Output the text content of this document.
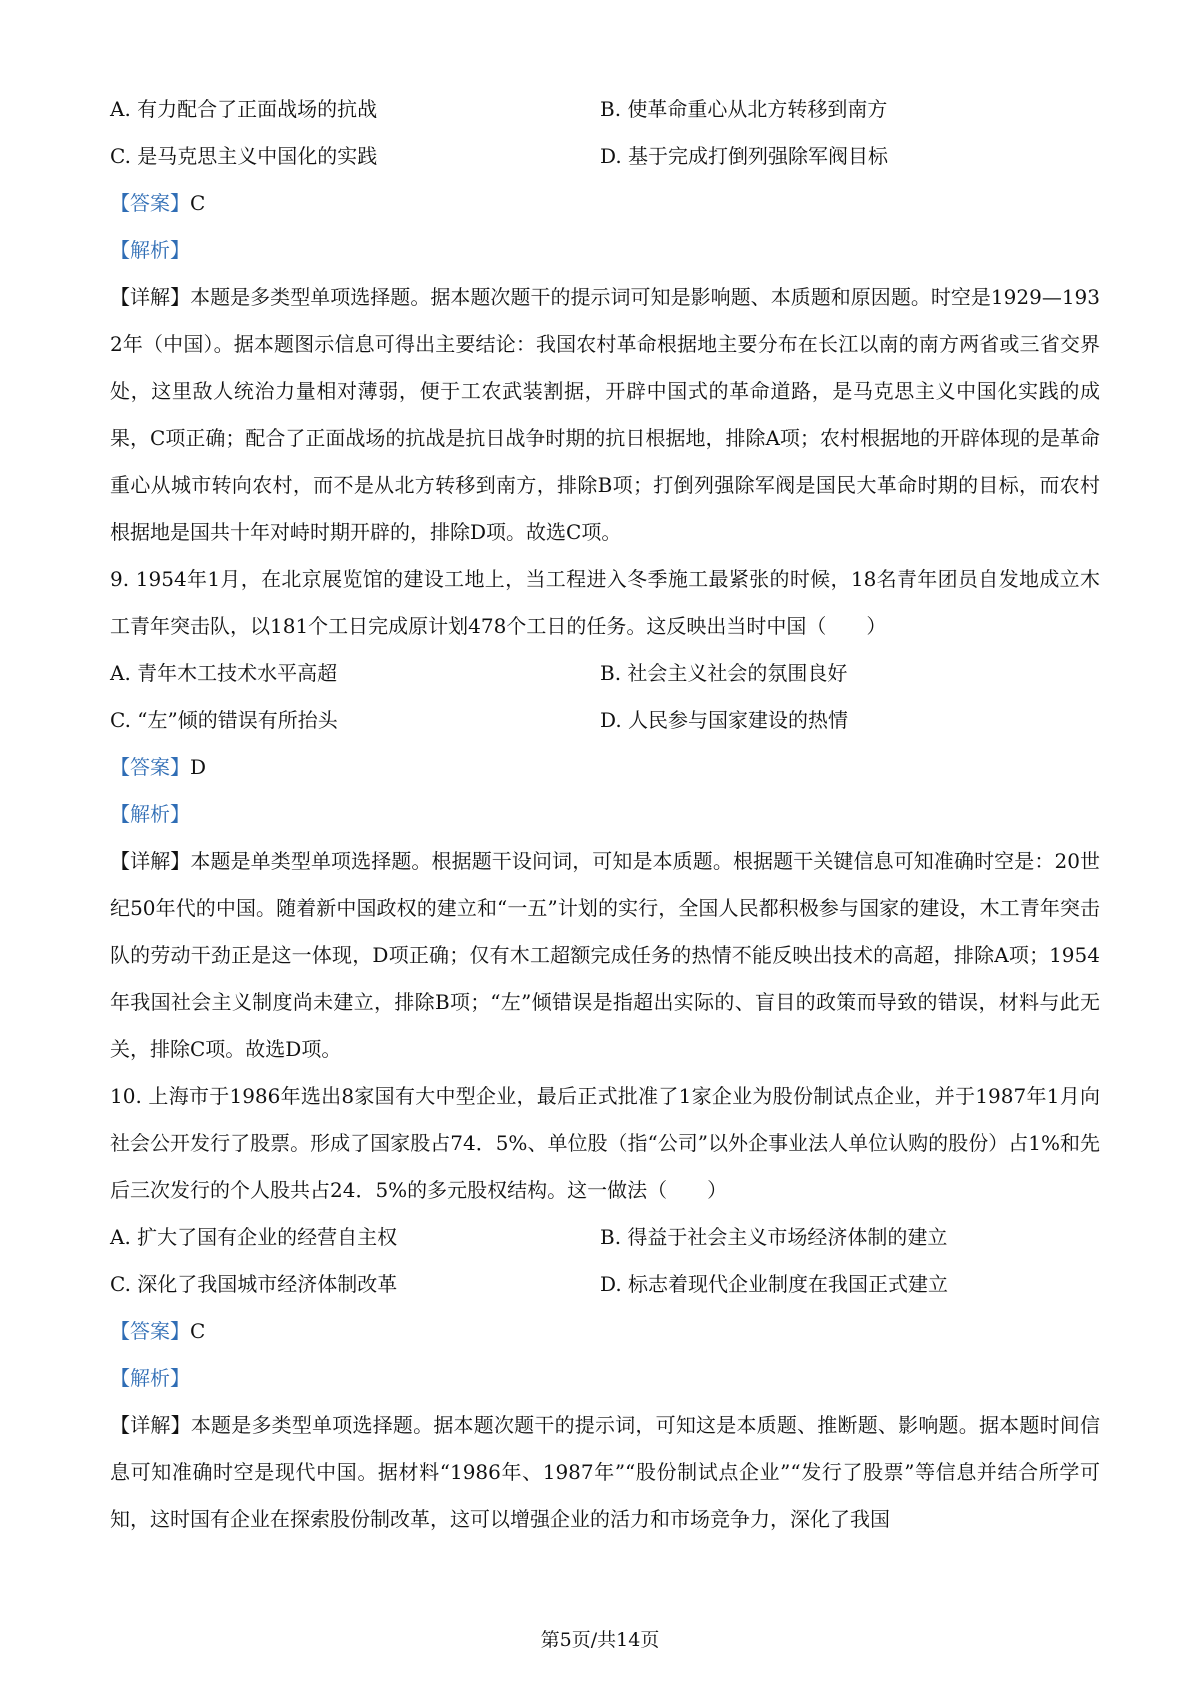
A. 有力配合了正面战场的抗战	B. 使革命重心从北方转移到南方
C. 是马克思主义中国化的实践	D. 基于完成打倒列强除军阀目标
【答案】C
【解析】
【详解】本题是多类型单项选择题。据本题次题干的提示词可知是影响题、本质题和原因题。时空是1929—1932年（中国）。据本题图示信息可得出主要结论：我国农村革命根据地主要分布在长江以南的南方两省或三省交界处，这里敌人统治力量相对薄弱，便于工农武装割据，开辟中国式的革命道路，是马克思主义中国化实践的成果，C项正确；配合了正面战场的抗战是抗日战争时期的抗日根据地，排除A项；农村根据地的开辟体现的是革命重心从城市转向农村，而不是从北方转移到南方，排除B项；打倒列强除军阀是国民大革命时期的目标，而农村根据地是国共十年对峙时期开辟的，排除D项。故选C项。
9. 1954年1月，在北京展览馆的建设工地上，当工程进入冬季施工最紧张的时候，18名青年团员自发地成立木工青年突击队，以181个工日完成原计划478个工日的任务。这反映出当时中国（　　）
A. 青年木工技术水平高超	B. 社会主义社会的氛围良好
C. “左”倾的错误有所抬头	D. 人民参与国家建设的热情
【答案】D
【解析】
【详解】本题是单类型单项选择题。根据题干设问词，可知是本质题。根据题干关键信息可知准确时空是：20世纪50年代的中国。随着新中国政权的建立和“一五”计划的实行，全国人民都积极参与国家的建设，木工青年突击队的劳动干劲正是这一体现，D项正确；仅有木工超额完成任务的热情不能反映出技术的高超，排除A项；1954年我国社会主义制度尚未建立，排除B项；“左”倾错误是指超出实际的、盲目的政策而导致的错误，材料与此无关，排除C项。故选D项。
10. 上海市于1986年选出8家国有大中型企业，最后正式批准了1家企业为股份制试点企业，并于1987年1月向社会公开发行了股票。形成了国家股占74．5%、单位股（指“公司”以外企事业法人单位认购的股份）占1%和先后三次发行的个人股共占24．5%的多元股权结构。这一做法（　　）
A. 扩大了国有企业的经营自主权	B. 得益于社会主义市场经济体制的建立
C. 深化了我国城市经济体制改革	D. 标志着现代企业制度在我国正式建立
【答案】C
【解析】
【详解】本题是多类型单项选择题。据本题次题干的提示词，可知这是本质题、推断题、影响题。据本题时间信息可知准确时空是现代中国。据材料“1986年、1987年”“股份制试点企业”“发行了股票”等信息并结合所学可知，这时国有企业在探索股份制改革，这可以增强企业的活力和市场竞争力，深化了我国
第5页/共14页
